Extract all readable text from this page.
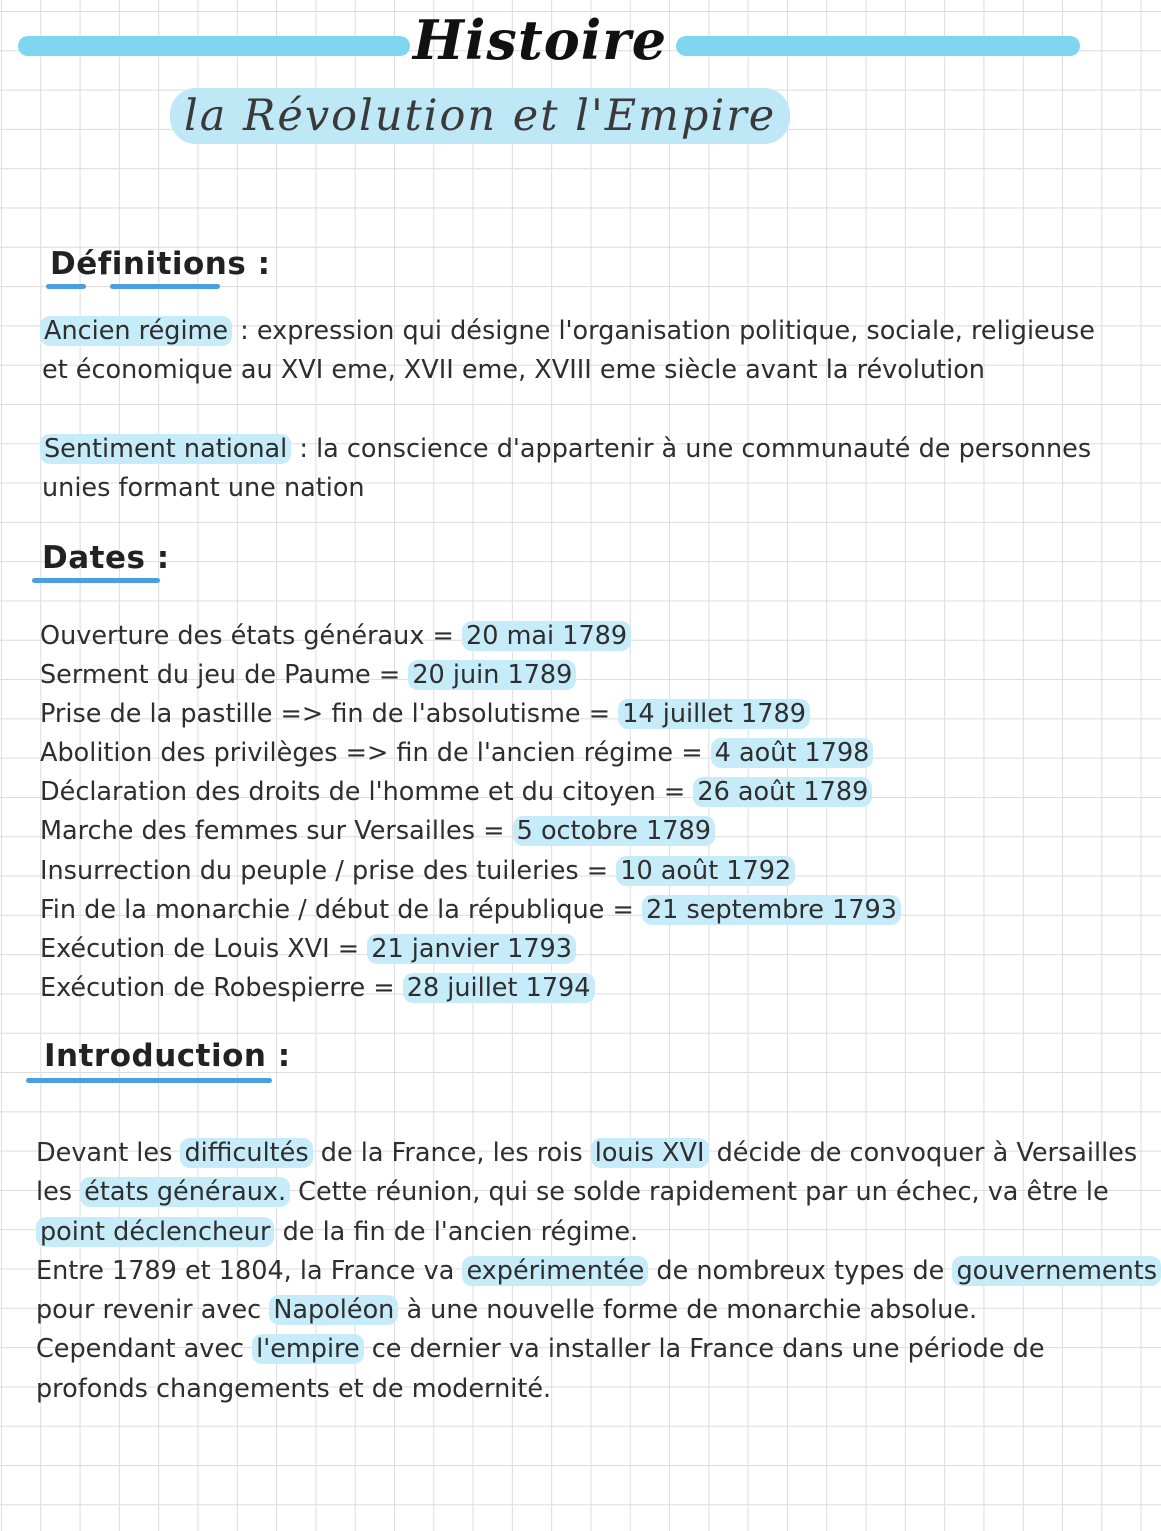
Histoire
la Révolution et l'Empire
Définitions :
Ancien régime : expression qui désigne l'organisation politique, sociale, religieuse
et économique au XVI eme, XVII eme, XVIII eme siècle avant la révolution
Sentiment national : la conscience d'appartenir à une communauté de personnes
unies formant une nation
Dates :
Ouverture des états généraux = 20 mai 1789
Serment du jeu de Paume = 20 juin 1789
Prise de la pastille => fin de l'absolutisme = 14 juillet 1789
Abolition des privilèges => fin de l'ancien régime = 4 août 1798
Déclaration des droits de l'homme et du citoyen = 26 août 1789
Marche des femmes sur Versailles = 5 octobre 1789
Insurrection du peuple / prise des tuileries = 10 août 1792
Fin de la monarchie / début de la république = 21 septembre 1793
Exécution de Louis XVI = 21 janvier 1793
Exécution de Robespierre = 28 juillet 1794
Introduction :
Devant les difficultés de la France, les rois louis XVI décide de convoquer à Versailles
les états généraux. Cette réunion, qui se solde rapidement par un échec, va être le
point déclencheur de la fin de l'ancien régime.
Entre 1789 et 1804, la France va expérimentée de nombreux types de gouvernements
pour revenir avec Napoléon à une nouvelle forme de monarchie absolue.
Cependant avec l'empire ce dernier va installer la France dans une période de
profonds changements et de modernité.
